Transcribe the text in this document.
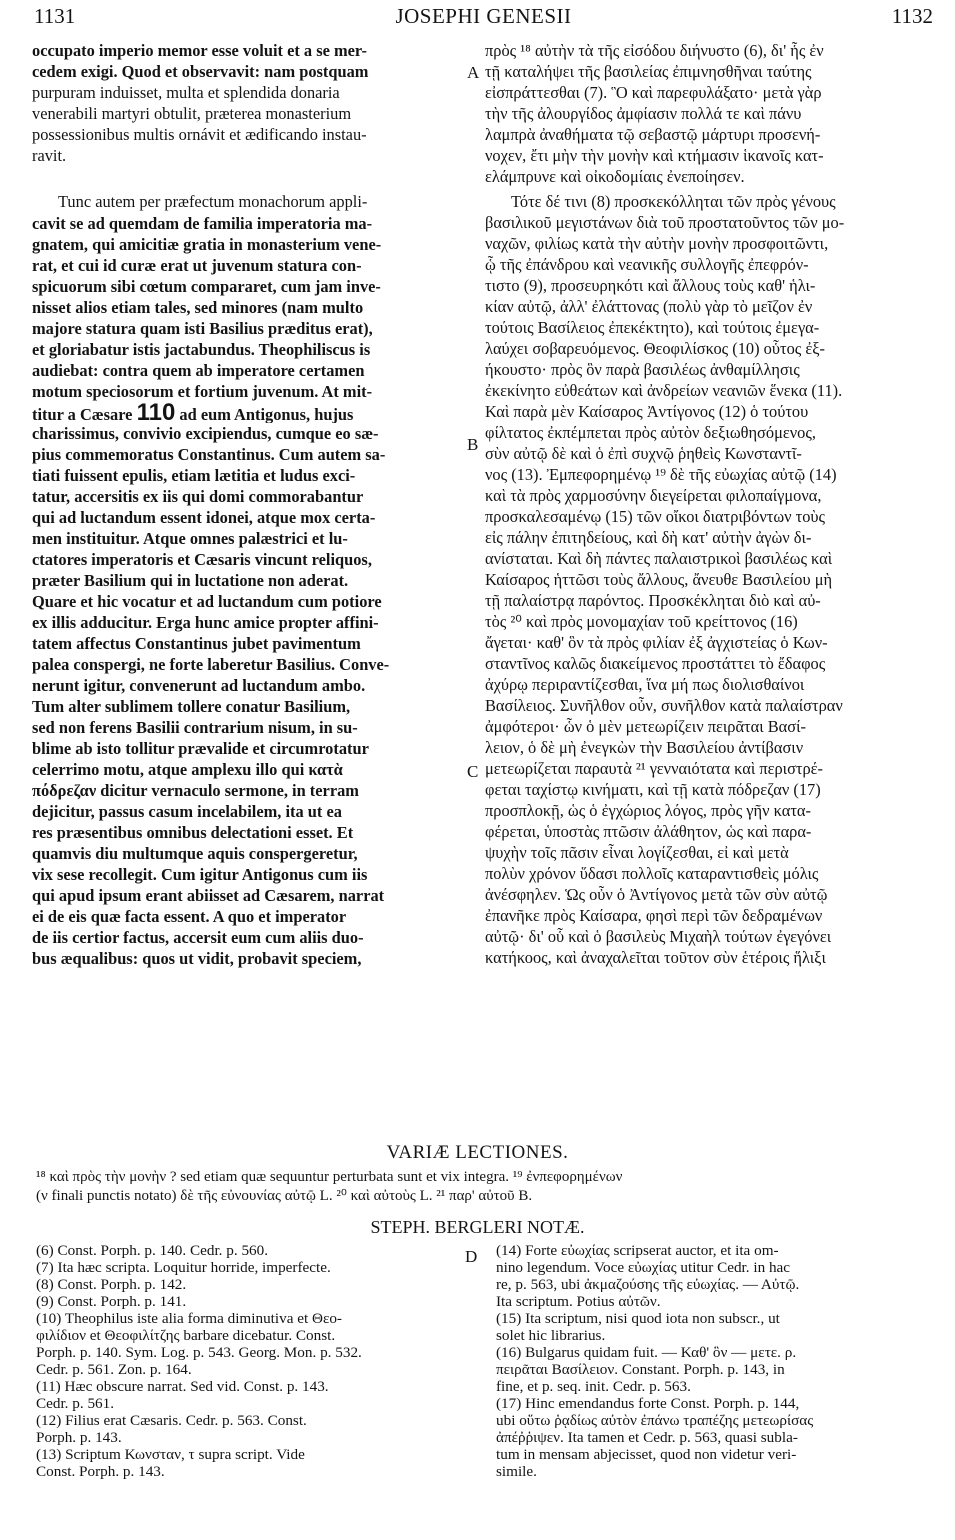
1131	JOSEPHI GENESII	1132
A
B
C
D
occupato imperio memor esse voluit et a se mer-
cedem exigi. Quod et observavit: nam postquam
purpuram induisset, multa et splendida donaria
venerabili martyri obtulit, præterea monasterium
possessionibus multis ornávit et ædificando instau-
ravit.
Tunc autem per præfectum monachorum appli-
cavit se ad quemdam de familia imperatoria ma-
gnatem, qui amicitiæ gratia in monasterium vene-
rat, et cui id curæ erat ut juvenum statura con-
spicuorum sibi cœtum compararet, cum jam inve-
nisset alios etiam tales, sed minores (nam multo
majore statura quam isti Basilius præditus erat),
et gloriabatur istis jactabundus. Theophiliscus is
audiebat: contra quem ab imperatore certamen
motum speciosorum et fortium juvenum. At mit-
titur a Cæsare 110 ad eum Antigonus, hujus
charissimus, convivio excipiendus, cumque eo sæ-
pius commemoratus Constantinus. Cum autem sa-
tiati fuissent epulis, etiam lætitia et ludus exci-
tatur, accersitis ex iis qui domi commorabantur
qui ad luctandum essent idonei, atque mox certa-
men instituitur. Atque omnes palæstrici et lu-
ctatores imperatoris et Cæsaris vincunt reliquos,
præter Basilium qui in luctatione non aderat.
Quare et hic vocatur et ad luctandum cum potiore
ex illis adducitur. Erga hunc amice propter affini-
tatem affectus Constantinus jubet pavimentum
palea conspergi, ne forte laberetur Basilius. Conve-
nerunt igitur, convenerunt ad luctandum ambo.
Tum alter sublimem tollere conatur Basilium,
sed non ferens Basilii contrarium nisum, in su-
blime ab isto tollitur prævalide et circumrotatur
celerrimo motu, atque amplexu illo qui κατὰ
πόδρεζαν dicitur vernaculo sermone, in terram
dejicitur, passus casum incelabilem, ita ut ea
res præsentibus omnibus delectationi esset. Et
quamvis diu multumque aquis conspergeretur,
vix sese recollegit. Cum igitur Antigonus cum iis
qui apud ipsum erant abiisset ad Cæsarem, narrat
ei de eis quæ facta essent. A quo et imperator
de iis certior factus, accersit eum cum aliis duo-
bus æqualibus: quos ut vidit, probavit speciem,
πρὸς ¹⁸ αὐτὴν τὰ τῆς εἰσόδου διήνυστο (6), δι' ἧς ἐν
τῇ καταλήψει τῆς βασιλείας ἐπιμνησθῆναι ταύτης
εἰσπράττεσθαι (7). Ὃ καὶ παρεφυλάξατο· μετὰ γὰρ
τὴν τῆς ἀλουργίδος ἀμφίασιν πολλά τε καὶ πάνυ
λαμπρὰ ἀναθήματα τῷ σεβαστῷ μάρτυρι προσενή-
νοχεν, ἔτι μὴν τὴν μονὴν καὶ κτήμασιν ἱκανοῖς κατ-
ελάμπρυνε καὶ οἰκοδομίαις ἐνεποίησεν.
Τότε δέ τινι (8) προσκεκόλληται τῶν πρὸς γένους
βασιλικοῦ μεγιστάνων διὰ τοῦ προστατοῦντος τῶν μο-
ναχῶν, φιλίως κατὰ τὴν αὐτὴν μονὴν προσφοιτῶντι,
ᾧ τῆς ἐπάνδρου καὶ νεανικῆς συλλογῆς ἐπεφρόν-
τιστο (9), προσευρηκότι καὶ ἄλλους τοὺς καθ' ἡλι-
κίαν αὐτῷ, ἀλλ' ἐλάττονας (πολὺ γὰρ τὸ μεῖζον ἐν
τούτοις Βασίλειος ἐπεκέκτητο), καὶ τούτοις ἐμεγα-
λαύχει σοβαρευόμενος. Θεοφιλίσκος (10) οὗτος ἐξ-
ήκουστο· πρὸς ὃν παρὰ βασιλέως ἀνθαμίλλησις
ἐκεκίνητο εὐθεάτων καὶ ἀνδρείων νεανιῶν ἕνεκα (11).
Καὶ παρὰ μὲν Καίσαρος Ἀντίγονος (12) ὁ τούτου
φίλτατος ἐκπέμπεται πρὸς αὐτὸν δεξιωθησόμενος,
σὺν αὐτῷ δὲ καὶ ὁ ἐπὶ συχνῷ ῥηθεὶς Κωνσταντῖ-
νος (13). Ἐμπεφορημένῳ ¹⁹ δὲ τῆς εὐωχίας αὐτῷ (14)
καὶ τὰ πρὸς χαρμοσύνην διεγείρεται φιλοπαίγμονα,
προσκαλεσαμένῳ (15) τῶν οἴκοι διατριβόντων τοὺς
εἰς πάλην ἐπιτηδείους, καὶ δὴ κατ' αὐτὴν ἀγὼν δι-
ανίσταται. Καὶ δὴ πάντες παλαιστρικοὶ βασιλέως καὶ
Καίσαρος ἡττῶσι τοὺς ἄλλους, ἄνευθε Βασιλείου μὴ
τῇ παλαίστρᾳ παρόντος. Προσκέκληται διὸ καὶ αὐ-
τὸς ²⁰ καὶ πρὸς μονομαχίαν τοῦ κρείττονος (16)
ἄγεται· καθ' ὃν τὰ πρὸς φιλίαν ἐξ ἀγχιστείας ὁ Κων-
σταντῖνος καλῶς διακείμενος προστάττει τὸ ἔδαφος
ἀχύρῳ περιραντίζεσθαι, ἵνα μή πως διολισθαίνοι
Βασίλειος. Συνῆλθον οὖν, συνῆλθον κατὰ παλαίστραν
ἀμφότεροι· ὧν ὁ μὲν μετεωρίζειν πειρᾶται Βασί-
λειον, ὁ δὲ μὴ ἐνεγκὼν τὴν Βασιλείου ἀντίβασιν
μετεωρίζεται παραυτὰ ²¹ γενναιότατα καὶ περιστρέ-
φεται ταχίστῳ κινήματι, καὶ τῇ κατὰ πόδρεζαν (17)
προσπλοκῇ, ὡς ὁ ἐγχώριος λόγος, πρὸς γῆν κατα-
φέρεται, ὑποστὰς πτῶσιν ἀλάθητον, ὡς καὶ παρα-
ψυχὴν τοῖς πᾶσιν εἶναι λογίζεσθαι, εἰ καὶ μετὰ
πολὺν χρόνον ὕδασι πολλοῖς καταραντισθεὶς μόλις
ἀνέσφηλεν. Ὡς οὖν ὁ Ἀντίγονος μετὰ τῶν σὺν αὐτῷ
ἐπανῆκε πρὸς Καίσαρα, φησὶ περὶ τῶν δεδραμένων
αὐτῷ· δι' οὗ καὶ ὁ βασιλεὺς Μιχαὴλ τούτων ἐγεγόνει
κατήκοος, καὶ ἀναχαλεῖται τοῦτον σὺν ἑτέροις ἥλιξι
VARIÆ LECTIONES.
¹⁸ καὶ πρὸς τὴν μονὴν ? sed etiam quæ sequuntur perturbata sunt et vix integra. ¹⁹ ἐνπεφορημένων
(ν finali punctis notato) δὲ τῆς εὐνουνίας αὐτῷ L. ²⁰ καὶ αὐτοὺς L. ²¹ παρ' αὐτοῦ B.
STEPH. BERGLERI NOTÆ.
(6) Const. Porph. p. 140. Cedr. p. 560.
(7) Ita hæc scripta. Loquitur horride, imperfecte.
(8) Const. Porph. p. 142.
(9) Const. Porph. p. 141.
(10) Theophilus iste alia forma diminutiva et Θεο-
φιλίδιον et Θεοφιλίτζης barbare dicebatur. Const.
Porph. p. 140. Sym. Log. p. 543. Georg. Mon. p. 532.
Cedr. p. 561. Zon. p. 164.
(11) Hæc obscure narrat. Sed vid. Const. p. 143.
Cedr. p. 561.
(12) Filius erat Cæsaris. Cedr. p. 563. Const.
Porph. p. 143.
(13) Scriptum Κωνσταν, τ supra script. Vide
Const. Porph. p. 143.
(14) Forte εὐωχίας scripserat auctor, et ita om-
nino legendum. Voce εὐωχίας utitur Cedr. in hac
re, p. 563, ubi ἀκμαζούσης τῆς εὐωχίας. — Αὐτῷ.
Ita scriptum. Potius αὐτῶν.
(15) Ita scriptum, nisi quod iota non subscr., ut
solet hic librarius.
(16) Bulgarus quidam fuit. — Καθ' ὃν — μετε. ρ.
πειρᾶται Βασίλειον. Constant. Porph. p. 143, in
fine, et p. seq. init. Cedr. p. 563.
(17) Hinc emendandus forte Const. Porph. p. 144,
ubi οὕτω ῥᾳδίως αὐτὸν ἐπάνω τραπέζης μετεωρίσας
ἀπέῤῥιψεν. Ita tamen et Cedr. p. 563, quasi subla-
tum in mensam abjecisset, quod non videtur veri-
simile.
